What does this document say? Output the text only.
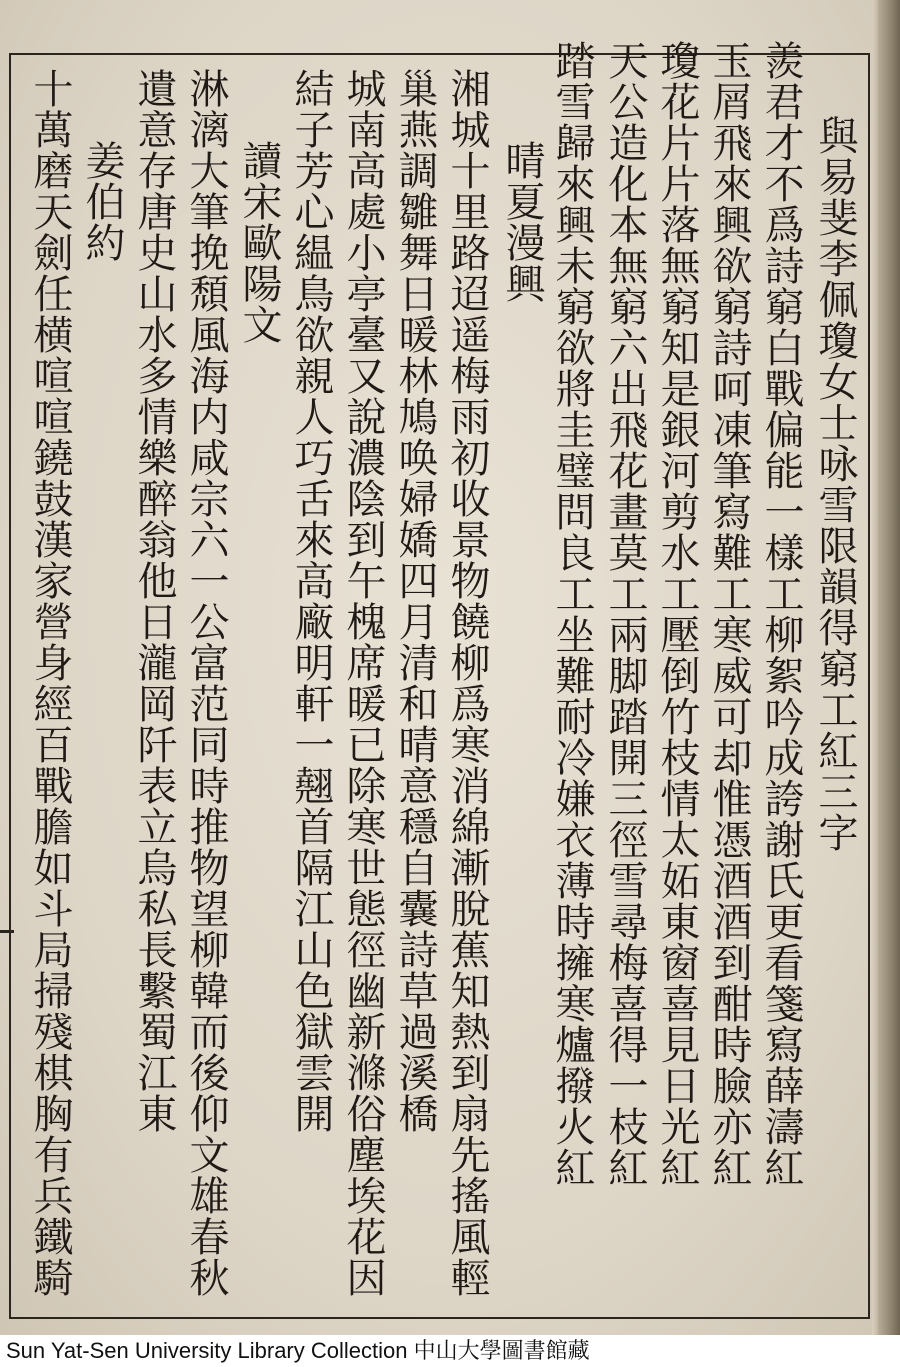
與易斐李佩瓊女士咏雪限韻得窮工紅三字
羨君才不爲詩窮白戰偏能一樣工柳絮吟成誇謝氏更看箋寫薛濤紅
玉屑飛來興欲窮詩呵凍筆寫難工寒威可却惟憑酒酒到酣時臉亦紅
瓊花片片落無窮知是銀河剪水工壓倒竹枝情太妬東窗喜見日光紅
天公造化本無窮六出飛花畫莫工兩脚踏開三徑雪尋梅喜得一枝紅
踏雪歸來興未窮欲將圭璧問良工坐難耐冷嫌衣薄時擁寒爐撥火紅
晴夏漫興
湘城十里路迢遥梅雨初收景物饒柳爲寒消綿漸脫蕉知熱到扇先搖風輕
巢燕調雛舞日暖林鳩唤婦嬌四月清和晴意穩自囊詩草過溪橋
城南高處小亭臺又說濃陰到午槐席暖已除寒世態徑幽新滌俗塵埃花因
結子芳心緼鳥欲親人巧舌來高廠明軒一翹首隔江山色獄雲開
讀宋歐陽文
淋漓大筆挽頹風海内咸宗六一公富范同時推物望柳韓而後仰文雄春秋
遺意存唐史山水多情樂醉翁他日瀧岡阡表立烏私長繫蜀江東
姜伯約
十萬磨天劍任横喧喧鐃鼓漢家營身經百戰膽如斗局掃殘棋胸有兵鐵騎
Sun Yat-Sen University Library Collection 中山大學圖書館藏
